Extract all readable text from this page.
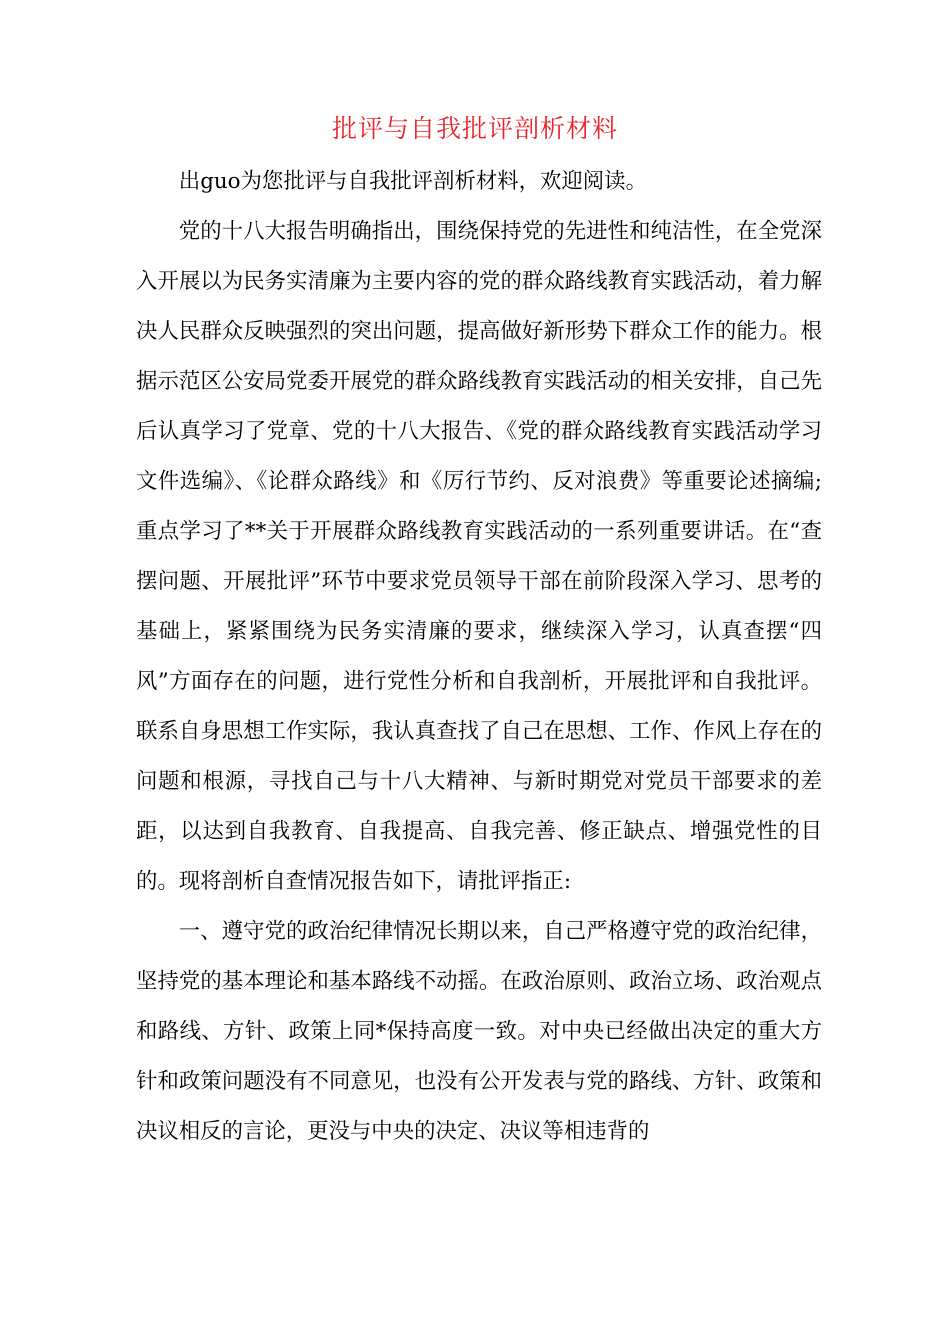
批评与自我批评剖析材料

出guo为您批评与自我批评剖析材料，欢迎阅读。

党的十八大报告明确指出，围绕保持党的先进性和纯洁性，在全党深入开展以为民务实清廉为主要内容的党的群众路线教育实践活动，着力解决人民群众反映强烈的突出问题，提高做好新形势下群众工作的能力。根据示范区公安局党委开展党的群众路线教育实践活动的相关安排，自己先后认真学习了党章、党的十八大报告、《党的群众路线教育实践活动学习文件选编》、《论群众路线》和《厉行节约、反对浪费》等重要论述摘编;重点学习了**关于开展群众路线教育实践活动的一系列重要讲话。在“查摆问题、开展批评”环节中要求党员领导干部在前阶段深入学习、思考的基础上，紧紧围绕为民务实清廉的要求，继续深入学习，认真查摆“四风”方面存在的问题，进行党性分析和自我剖析，开展批评和自我批评。联系自身思想工作实际，我认真查找了自己在思想、工作、作风上存在的问题和根源，寻找自己与十八大精神、与新时期党对党员干部要求的差距，以达到自我教育、自我提高、自我完善、修正缺点、增强党性的目的。现将剖析自查情况报告如下，请批评指正:

一、遵守党的政治纪律情况长期以来，自己严格遵守党的政治纪律，坚持党的基本理论和基本路线不动摇。在政治原则、政治立场、政治观点和路线、方针、政策上同*保持高度一致。对中央已经做出决定的重大方针和政策问题没有不同意见，也没有公开发表与党的路线、方针、政策和决议相反的言论，更没与中央的决定、决议等相违背的
